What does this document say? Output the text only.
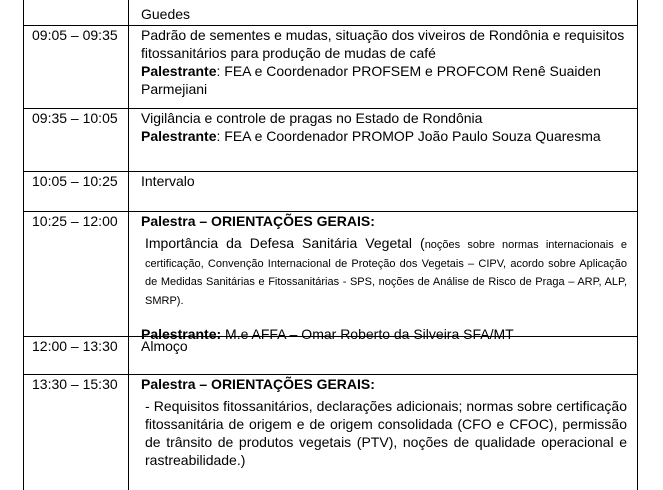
Guedes
09:05 – 09:35	Padrão de sementes e mudas, situação dos viveiros de Rondônia e requisitos fitossanitários para produção de mudas de café
Palestrante: FEA e Coordenador PROFSEM e PROFCOM Renê Suaiden Parmejiani
09:35 – 10:05	Vigilância e controle de pragas no Estado de Rondônia
Palestrante: FEA e Coordenador PROMOP João Paulo Souza Quaresma
10:05 – 10:25	Intervalo
10:25 – 12:00	Palestra – ORIENTAÇÕES GERAIS:
Importância da Defesa Sanitária Vegetal (noções sobre normas internacionais e certificação, Convenção Internacional de Proteção dos Vegetais – CIPV, acordo sobre Aplicação de Medidas Sanitárias e Fitossanitárias - SPS, noções de Análise de Risco de Praga – ARP, ALP, SMRP).
Palestrante: M.e AFFA – Omar Roberto da Silveira SFA/MT
12:00 – 13:30	Almoço
13:30 – 15:30	Palestra – ORIENTAÇÕES GERAIS:
- Requisitos fitossanitários, declarações adicionais; normas sobre certificação fitossanitária de origem e de origem consolidada (CFO e CFOC), permissão de trânsito de produtos vegetais (PTV), noções de qualidade operacional e rastreabilidade.)
